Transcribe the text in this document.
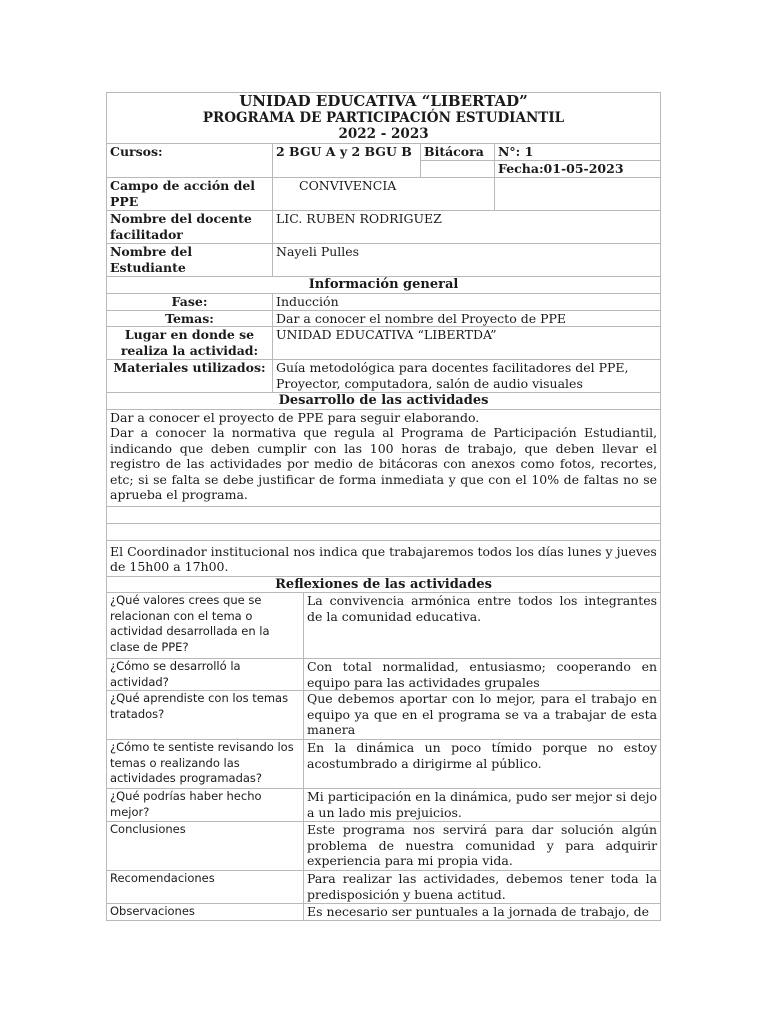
UNIDAD EDUCATIVA “LIBERTAD”
PROGRAMA DE PARTICIPACIÓN ESTUDIANTIL
2022 - 2023				

Cursos:	2 BGU A y 2 BGU B		Bitácora	N°: 1
				Fecha:01-05-2023
Campo de acción del PPE	CONVIVENCIA			
Nombre del docente facilitador	LIC. RUBEN RODRIGUEZ			
Nombre del Estudiante	Nayeli Pulles			
Información general				
Fase:	Inducción			
Temas:	Dar a conocer el nombre del Proyecto de PPE			
Lugar en donde se realiza la actividad:	UNIDAD EDUCATIVA “LIBERTDA”			
Materiales utilizados:	Guía metodológica para docentes facilitadores del PPE, Proyector, computadora, salón de audio visuales			
Desarrollo de las actividades				

Dar a conocer el proyecto de PPE para seguir elaborando.
Dar a conocer la normativa que regula al Programa de Participación Estudiantil, indicando que deben cumplir con las 100 horas de trabajo, que deben llevar el registro de las actividades por medio de bitácoras con anexos como fotos, recortes, etc; si se falta se debe justificar de forma inmediata y que con el 10% de faltas no se aprueba el programa.				

El Coordinador institucional nos indica que trabajaremos todos los días lunes y jueves de 15h00 a 17h00.				
Reflexiones de las actividades				
¿Qué valores crees que se relacionan con el tema o actividad desarrollada en la clase de PPE?		La convivencia armónica entre todos los integrantes de la comunidad educativa.		
¿Cómo se desarrolló la actividad?		Con total normalidad, entusiasmo; cooperando en equipo para las actividades grupales		
¿Qué aprendiste con los temas tratados?		Que debemos aportar con lo mejor, para el trabajo en equipo ya que en el programa se va a trabajar de esta manera		
¿Cómo te sentiste revisando los temas o realizando las actividades programadas?		En la dinámica un poco tímido porque no estoy acostumbrado a dirigirme al público.		
¿Qué podrías haber hecho mejor?		Mi participación en la dinámica, pudo ser mejor si dejo a un lado mis prejuicios.		
Conclusiones		Este programa nos servirá para dar solución algún problema de nuestra comunidad y para adquirir experiencia para mi propia vida.		
Recomendaciones		Para realizar las actividades, debemos tener toda la predisposición y buena actitud.		
Observaciones		Es necesario ser puntuales a la jornada de trabajo, de		
